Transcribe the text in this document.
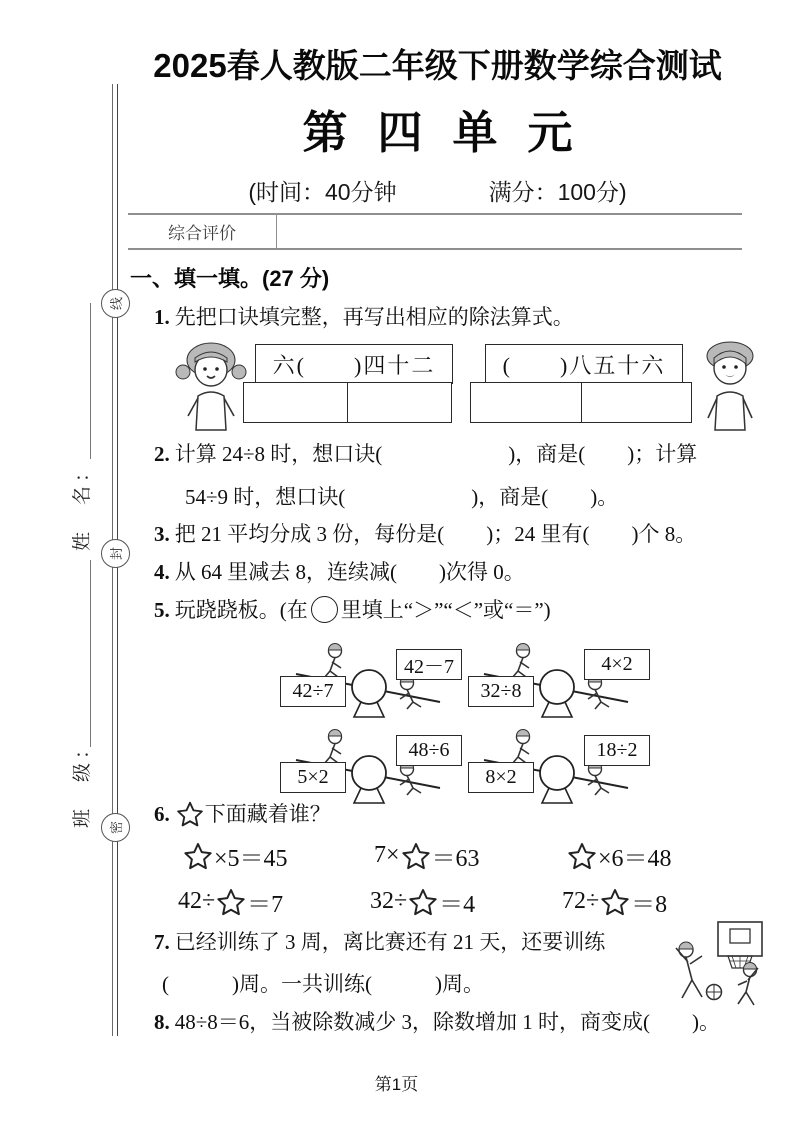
线
封
密
姓　名：
班　级：
2025春人教版二年级下册数学综合测试
第四单元
(时间：40分钟　　　　满分：100分)
综合评价
一、填一填。(27 分)
1. 先把口诀填完整，再写出相应的除法算式。
六(　　)四十二	(　　)八五十六
2. 计算 24÷8 时，想口诀(　　　　　　)，商是(　　)；计算
54÷9 时，想口诀(　　　　　　)，商是(　　)。
3. 把 21 平均分成 3 份，每份是(　　)；24 里有(　　)个 8。
4. 从 64 里减去 8，连续减(　　)次得 0。
5. 玩跷跷板。(在 里填上“＞”“＜”或“＝”)
42÷7
42－7
32÷8
4×2
5×2
48÷6
8×2
18÷2
6. 下面藏着谁？
×5＝45	7× ＝63	×6＝48
42÷ ＝7	32÷ ＝4	72÷ ＝8
7. 已经训练了 3 周，离比赛还有 21 天，还要训练
(　　　)周。一共训练(　　　)周。
8. 48÷8＝6，当被除数减少 3，除数增加 1 时，商变成(　　)。
第1页
